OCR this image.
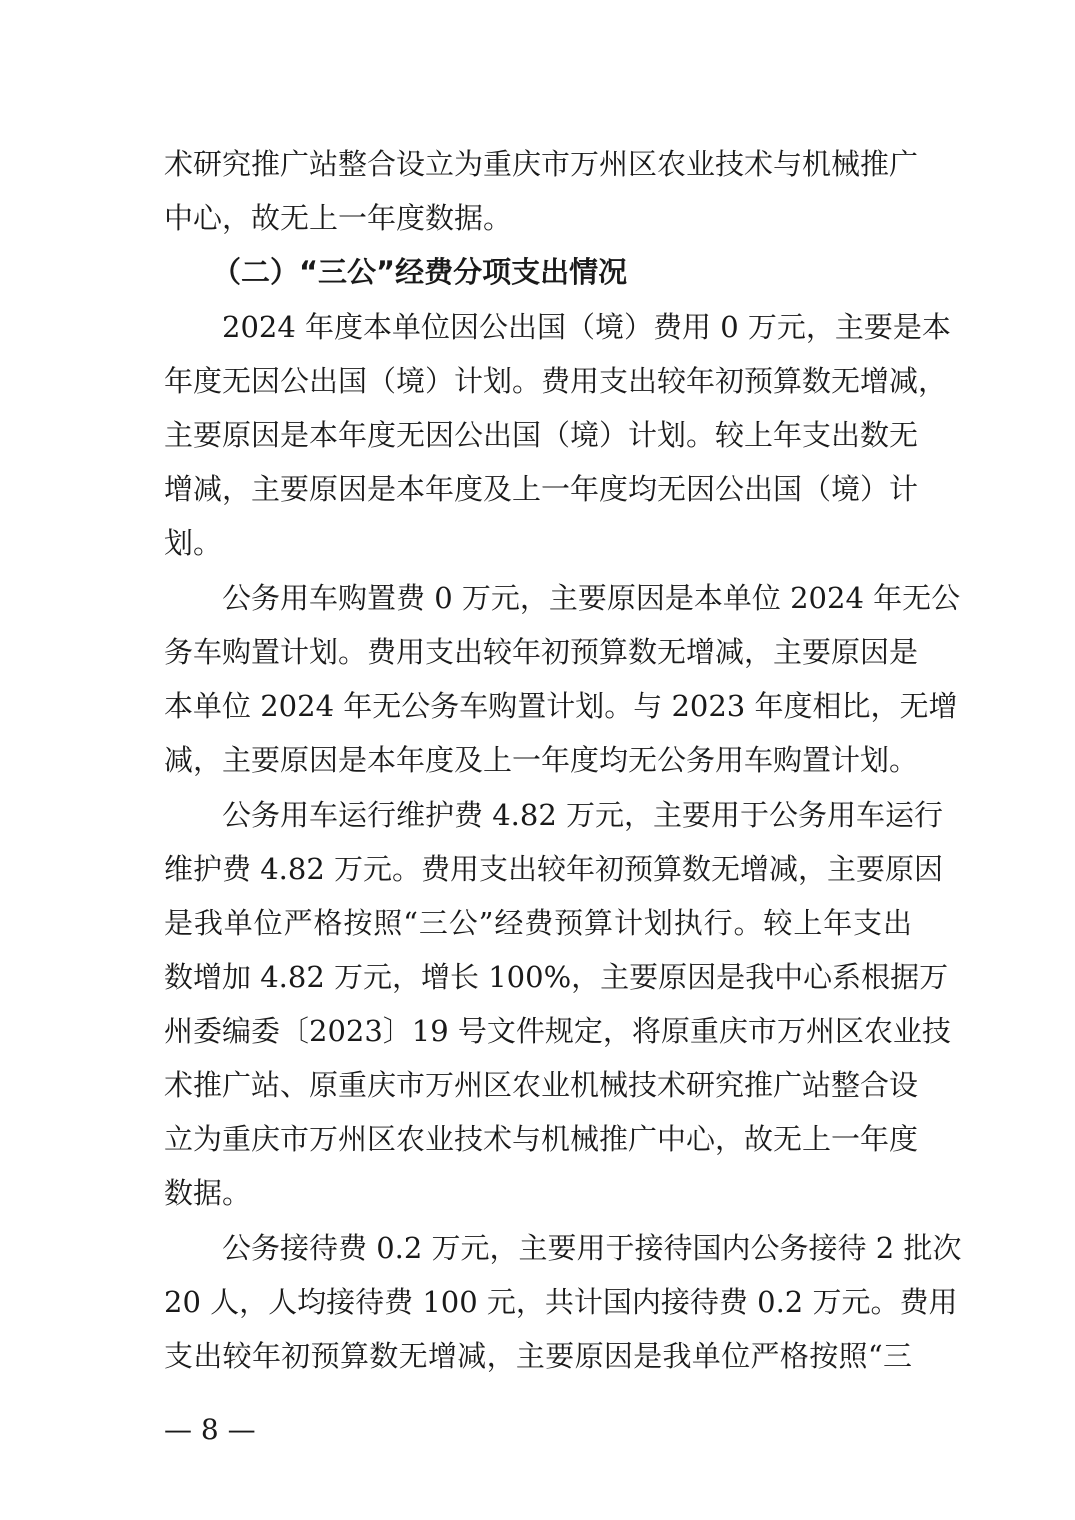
术研究推广站整合设立为重庆市万州区农业技术与机械推广
中心，故无上一年度数据。
（二）“三公”经费分项支出情况
2024 年度本单位因公出国（境）费用 0 万元，主要是本
年度无因公出国（境）计划。费用支出较年初预算数无增减，
主要原因是本年度无因公出国（境）计划。较上年支出数无
增减，主要原因是本年度及上一年度均无因公出国（境）计
划。
公务用车购置费 0 万元，主要原因是本单位 2024 年无公
务车购置计划。费用支出较年初预算数无增减，主要原因是
本单位 2024 年无公务车购置计划。与 2023 年度相比，无增
减，主要原因是本年度及上一年度均无公务用车购置计划。
公务用车运行维护费 4.82 万元，主要用于公务用车运行
维护费 4.82 万元。费用支出较年初预算数无增减，主要原因
是我单位严格按照“三公”经费预算计划执行。较上年支出
数增加 4.82 万元，增长 100%，主要原因是我中心系根据万
州委编委〔2023〕19 号文件规定，将原重庆市万州区农业技
术推广站、原重庆市万州区农业机械技术研究推广站整合设
立为重庆市万州区农业技术与机械推广中心，故无上一年度
数据。
公务接待费 0.2 万元，主要用于接待国内公务接待 2 批次
20 人，人均接待费 100 元，共计国内接待费 0.2 万元。费用
支出较年初预算数无增减，主要原因是我单位严格按照“三
— 8 —
